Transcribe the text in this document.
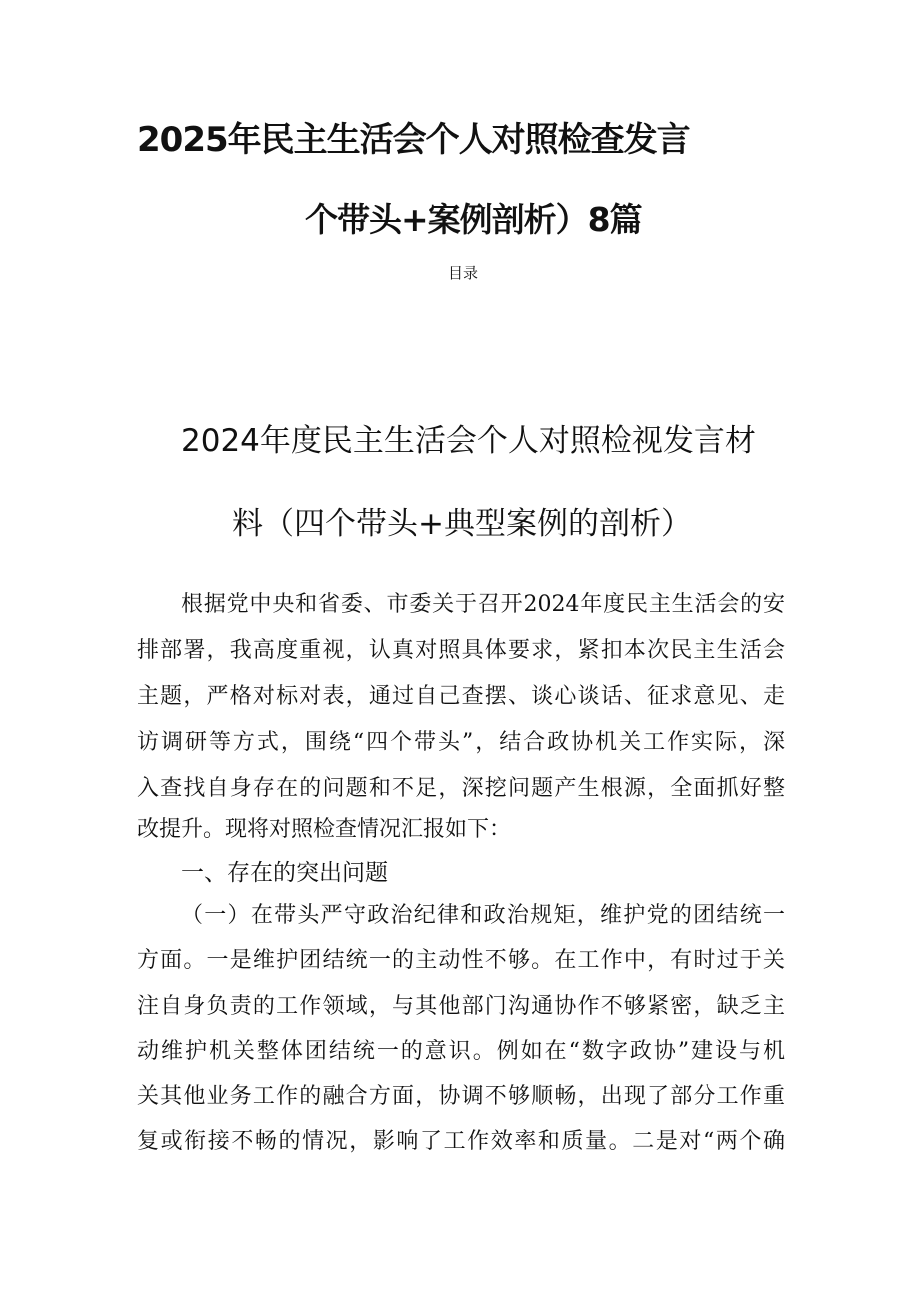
2025年民主生活会个人对照检查发言
个带头+案例剖析）8篇
目录
2024年度民主生活会个人对照检视发言材
料（四个带头+典型案例的剖析）
根据党中央和省委、市委关于召开2024年度民主生活会的安
排部署，我高度重视，认真对照具体要求，紧扣本次民主生活会
主题，严格对标对表，通过自己查摆、谈心谈话、征求意见、走
访调研等方式，围绕“四个带头”，结合政协机关工作实际，深
入查找自身存在的问题和不足，深挖问题产生根源，全面抓好整
改提升。现将对照检查情况汇报如下：
一、存在的突出问题
（一）在带头严守政治纪律和政治规矩，维护党的团结统一
方面。一是维护团结统一的主动性不够。在工作中，有时过于关
注自身负责的工作领域，与其他部门沟通协作不够紧密，缺乏主
动维护机关整体团结统一的意识。例如在“数字政协”建设与机
关其他业务工作的融合方面，协调不够顺畅，出现了部分工作重
复或衔接不畅的情况，影响了工作效率和质量。二是对“两个确
